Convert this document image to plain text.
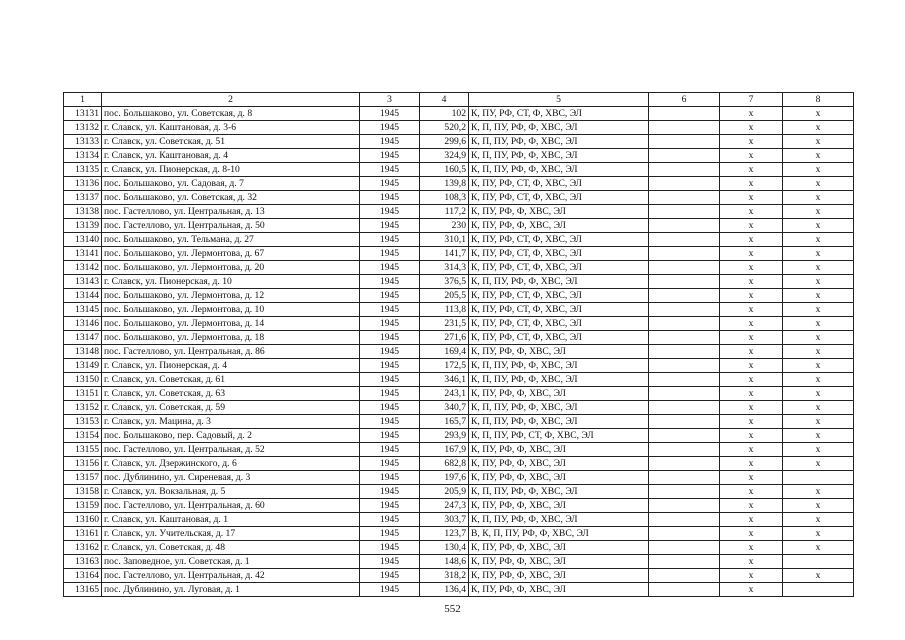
1	2	3	4	5	6	7	8
13131	пос. Большаково, ул. Советская, д. 8	1945	102	К, ПУ, РФ, СТ, Ф, ХВС, ЭЛ		х	х
13132	г. Славск, ул. Каштановая, д. 3-6	1945	520,2	К, П, ПУ, РФ, Ф, ХВС, ЭЛ		х	х
13133	г. Славск, ул. Советская, д. 51	1945	299,6	К, П, ПУ, РФ, Ф, ХВС, ЭЛ		х	х
13134	г. Славск, ул. Каштановая, д. 4	1945	324,9	К, П, ПУ, РФ, Ф, ХВС, ЭЛ		х	х
13135	г. Славск, ул. Пионерская, д. 8-10	1945	160,5	К, П, ПУ, РФ, Ф, ХВС, ЭЛ		х	х
13136	пос. Большаково, ул. Садовая, д. 7	1945	139,8	К, ПУ, РФ, СТ, Ф, ХВС, ЭЛ		х	х
13137	пос. Большаково, ул. Советская, д. 32	1945	108,3	К, ПУ, РФ, СТ, Ф, ХВС, ЭЛ		х	х
13138	пос. Гастеллово, ул. Центральная, д. 13	1945	117,2	К, ПУ, РФ, Ф, ХВС, ЭЛ		х	х
13139	пос. Гастеллово, ул. Центральная, д. 50	1945	230	К, ПУ, РФ, Ф, ХВС, ЭЛ		х	х
13140	пос. Большаково, ул. Тельмана, д. 27	1945	310,1	К, ПУ, РФ, СТ, Ф, ХВС, ЭЛ		х	х
13141	пос. Большаково, ул. Лермонтова, д. 67	1945	141,7	К, ПУ, РФ, СТ, Ф, ХВС, ЭЛ		х	х
13142	пос. Большаково, ул. Лермонтова, д. 20	1945	314,3	К, ПУ, РФ, СТ, Ф, ХВС, ЭЛ		х	х
13143	г. Славск, ул. Пионерская, д. 10	1945	376,5	К, П, ПУ, РФ, Ф, ХВС, ЭЛ		х	х
13144	пос. Большаково, ул. Лермонтова, д. 12	1945	205,5	К, ПУ, РФ, СТ, Ф, ХВС, ЭЛ		х	х
13145	пос. Большаково, ул. Лермонтова, д. 10	1945	113,8	К, ПУ, РФ, СТ, Ф, ХВС, ЭЛ		х	х
13146	пос. Большаково, ул. Лермонтова, д. 14	1945	231,5	К, ПУ, РФ, СТ, Ф, ХВС, ЭЛ		х	х
13147	пос. Большаково, ул. Лермонтова, д. 18	1945	271,6	К, ПУ, РФ, СТ, Ф, ХВС, ЭЛ		х	х
13148	пос. Гастеллово, ул. Центральная, д. 86	1945	169,4	К, ПУ, РФ, Ф, ХВС, ЭЛ		х	х
13149	г. Славск, ул. Пионерская, д. 4	1945	172,5	К, П, ПУ, РФ, Ф, ХВС, ЭЛ		х	х
13150	г. Славск, ул. Советская, д. 61	1945	346,1	К, П, ПУ, РФ, Ф, ХВС, ЭЛ		х	х
13151	г. Славск, ул. Советская, д. 63	1945	243,1	К, ПУ, РФ, Ф, ХВС, ЭЛ		х	х
13152	г. Славск, ул. Советская, д. 59	1945	340,7	К, П, ПУ, РФ, Ф, ХВС, ЭЛ		х	х
13153	г. Славск, ул. Мацина, д. 3	1945	165,7	К, П, ПУ, РФ, Ф, ХВС, ЭЛ		х	х
13154	пос. Большаково, пер. Садовый, д. 2	1945	293,9	К, П, ПУ, РФ, СТ, Ф, ХВС, ЭЛ		х	х
13155	пос. Гастеллово, ул. Центральная, д. 52	1945	167,9	К, ПУ, РФ, Ф, ХВС, ЭЛ		х	х
13156	г. Славск, ул. Дзержинского, д. 6	1945	682,8	К, ПУ, РФ, Ф, ХВС, ЭЛ		х	х
13157	пос. Дублинино, ул. Сиреневая, д. 3	1945	197,6	К, ПУ, РФ, Ф, ХВС, ЭЛ		х	
13158	г. Славск, ул. Вокзальная, д. 5	1945	205,9	К, П, ПУ, РФ, Ф, ХВС, ЭЛ		х	х
13159	пос. Гастеллово, ул. Центральная, д. 60	1945	247,3	К, ПУ, РФ, Ф, ХВС, ЭЛ		х	х
13160	г. Славск, ул. Каштановая, д. 1	1945	303,7	К, П, ПУ, РФ, Ф, ХВС, ЭЛ		х	х
13161	г. Славск, ул. Учительская, д. 17	1945	123,7	В, К, П, ПУ, РФ, Ф, ХВС, ЭЛ		х	х
13162	г. Славск, ул. Советская, д. 48	1945	130,4	К, ПУ, РФ, Ф, ХВС, ЭЛ		х	х
13163	пос. Заповедное, ул. Советская, д. 1	1945	148,6	К, ПУ, РФ, Ф, ХВС, ЭЛ		х	
13164	пос. Гастеллово, ул. Центральная, д. 42	1945	318,2	К, ПУ, РФ, Ф, ХВС, ЭЛ		х	х
13165	пос. Дублинино, ул. Луговая, д. 1	1945	136,4	К, ПУ, РФ, Ф, ХВС, ЭЛ		х	
552
